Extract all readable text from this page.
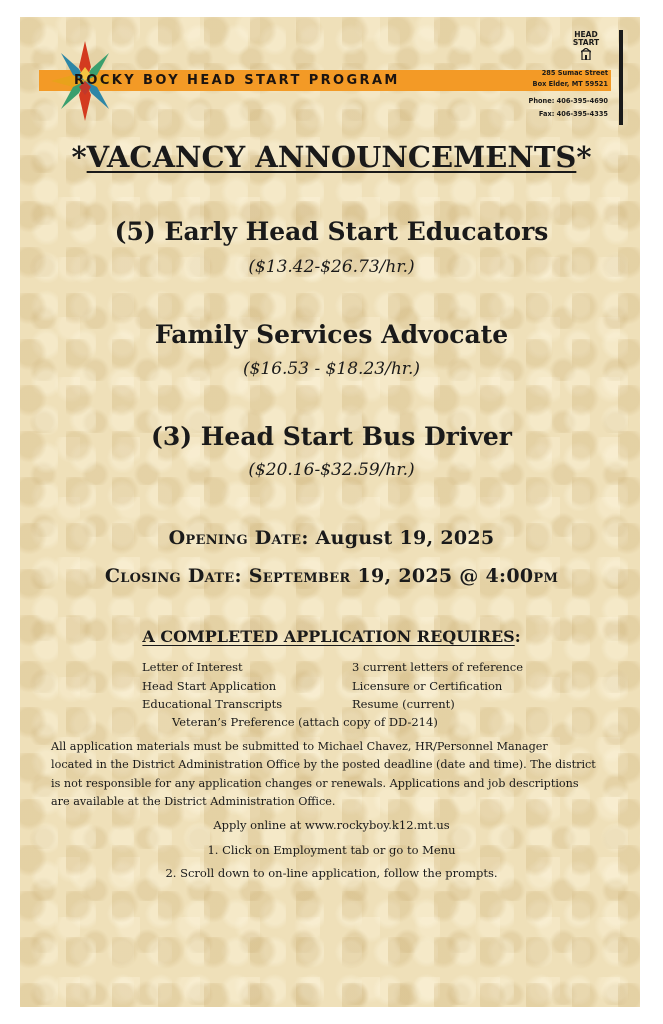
ROCKY BOY HEAD START PROGRAM
HEAD
START
285 Sumac Street
Box Elder, MT 59521
Phone: 406-395-4690
Fax: 406-395-4335
*VACANCY ANNOUNCEMENTS*
(5) Early Head Start Educators
($13.42-$26.73/hr.)
Family Services Advocate
($16.53 - $18.23/hr.)
(3) Head Start Bus Driver
($20.16-$32.59/hr.)
Opening Date: August 19, 2025
Closing Date: September 19, 2025 @ 4:00pm
A COMPLETED APPLICATION REQUIRES:
Letter of Interest
Head Start Application
Educational Transcripts
3 current letters of reference
Licensure or Certification
Resume (current)
Veteran’s Preference (attach copy of DD-214)
All application materials must be submitted to Michael Chavez, HR/Personnel Manager
located in the District Administration Office by the posted deadline (date and time). The district
is not responsible for any application changes or renewals. Applications and job descriptions
are available at the District Administration Office.
Apply online at www.rockyboy.k12.mt.us
1. Click on Employment tab or go to Menu
2. Scroll down to on-line application, follow the prompts.
